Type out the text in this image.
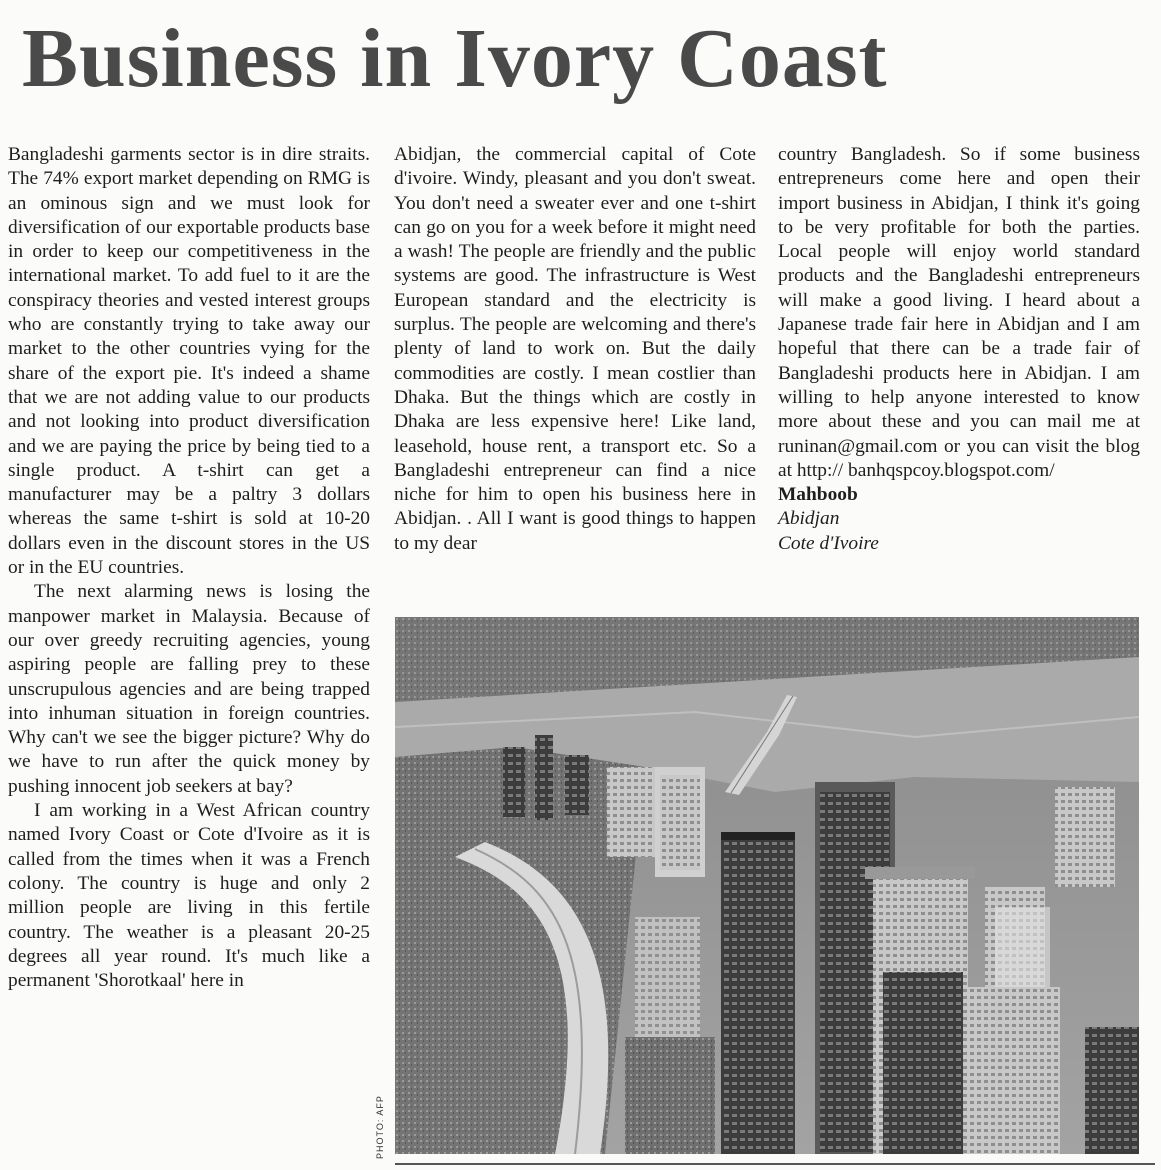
Business in Ivory Coast

Bangladeshi garments sector is in dire straits. The 74% export market depending on RMG is an ominous sign and we must look for diversification of our exportable products base in order to keep our competitiveness in the international market. To add fuel to it are the conspiracy theories and vested interest groups who are constantly trying to take away our market to the other countries vying for the share of the export pie. It's indeed a shame that we are not adding value to our products and not looking into product diversification and we are paying the price by being tied to a single product. A t-shirt can get a manufacturer may be a paltry 3 dollars whereas the same t-shirt is sold at 10-20 dollars even in the discount stores in the US or in the EU countries.

The next alarming news is losing the manpower market in Malaysia. Because of our over greedy recruiting agencies, young aspiring people are falling prey to these unscrupulous agencies and are being trapped into inhuman situation in foreign countries. Why can't we see the bigger picture? Why do we have to run after the quick money by pushing innocent job seekers at bay?

I am working in a West African country named Ivory Coast or Cote d'Ivoire as it is called from the times when it was a French colony. The country is huge and only 2 million people are living in this fertile country. The weather is a pleasant 20-25 degrees all year round. It's much like a permanent 'Shorotkaal' here in

Abidjan, the commercial capital of Cote d'ivoire. Windy, pleasant and you don't sweat. You don't need a sweater ever and one t-shirt can go on you for a week before it might need a wash! The people are friendly and the public systems are good. The infrastructure is West European standard and the electricity is surplus. The people are welcoming and there's plenty of land to work on. But the daily commodities are costly. I mean costlier than Dhaka. But the things which are costly in Dhaka are less expensive here! Like land, leasehold, house rent, a transport etc. So a Bangladeshi entrepreneur can find a nice niche for him to open his business here in Abidjan. . All I want is good things to happen to my dear

country Bangladesh. So if some business entrepreneurs come here and open their import business in Abidjan, I think it's going to be very profitable for both the parties. Local people will enjoy world standard products and the Bangladeshi entrepreneurs will make a good living. I heard about a Japanese trade fair here in Abidjan and I am hopeful that there can be a trade fair of Bangladeshi products here in Abidjan. I am willing to help anyone interested to know more about these and you can mail me at runinan@gmail.com or you can visit the blog at http:// banhqspcoy.blogspot.com/

Mahboob
Abidjan
Cote d'Ivoire
PHOTO: AFP
